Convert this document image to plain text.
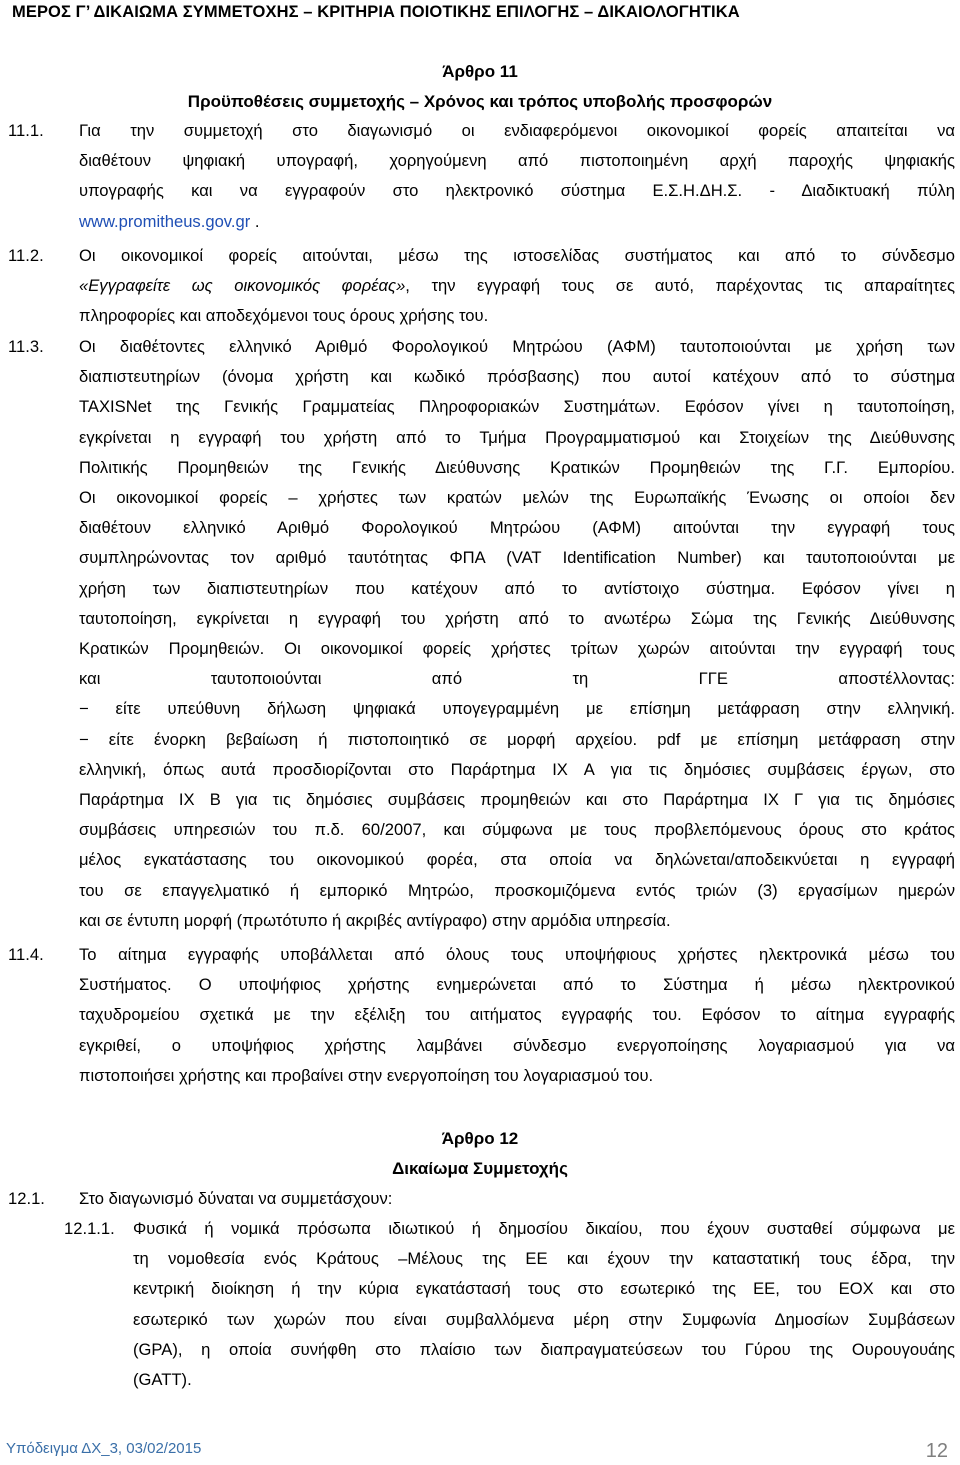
ΜΕΡΟΣ Γ’ ΔΙΚΑΙΩΜΑ ΣΥΜΜΕΤΟΧΗΣ – ΚΡΙΤΗΡΙΑ ΠΟΙΟΤΙΚΗΣ ΕΠΙΛΟΓΗΣ – ΔΙΚΑΙΟΛΟΓΗΤΙΚΑ
Άρθρο 11
Προϋποθέσεις συμμετοχής – Χρόνος και τρόπος υποβολής προσφορών
11.1. Για την συμμετοχή στο διαγωνισμό οι ενδιαφερόμενοι οικονομικοί φορείς απαιτείται να
διαθέτουν ψηφιακή υπογραφή, χορηγούμενη από πιστοποιημένη αρχή παροχής ψηφιακής
υπογραφής και να εγγραφούν στο ηλεκτρονικό σύστημα Ε.Σ.Η.ΔΗ.Σ. - Διαδικτυακή πύλη
www.promitheus.gov.gr .
11.2. Οι οικονομικοί φορείς αιτούνται, μέσω της ιστοσελίδας συστήματος και από το σύνδεσμο
«Εγγραφείτε ως οικονομικός φορέας», την εγγραφή τους σε αυτό, παρέχοντας τις απαραίτητες
πληροφορίες και αποδεχόμενοι τους όρους χρήσης του.
11.3. Οι διαθέτοντες ελληνικό Αριθμό Φορολογικού Μητρώου (ΑΦΜ) ταυτοποιούνται με χρήση των
διαπιστευτηρίων (όνομα χρήστη και κωδικό πρόσβασης) που αυτοί κατέχουν από το σύστημα
TAXISNet της Γενικής Γραμματείας Πληροφοριακών Συστημάτων. Εφόσον γίνει η ταυτοποίηση,
εγκρίνεται η εγγραφή του χρήστη από το Τμήμα Προγραμματισμού και Στοιχείων της Διεύθυνσης
Πολιτικής Προμηθειών της Γενικής Διεύθυνσης Κρατικών Προμηθειών της Γ.Γ. Εμπορίου.
Οι οικονομικοί φορείς – χρήστες των κρατών μελών της Ευρωπαϊκής Ένωσης οι οποίοι δεν
διαθέτουν ελληνικό Αριθμό Φορολογικού Μητρώου (ΑΦΜ) αιτούνται την εγγραφή τους
συμπληρώνοντας τον αριθμό ταυτότητας ΦΠΑ (VAT Identification Number) και ταυτοποιούνται με
χρήση των διαπιστευτηρίων που κατέχουν από το αντίστοιχο σύστημα. Εφόσον γίνει η
ταυτοποίηση, εγκρίνεται η εγγραφή του χρήστη από το ανωτέρω Σώμα της Γενικής Διεύθυνσης
Κρατικών Προμηθειών. Οι οικονομικοί φορείς χρήστες τρίτων χωρών αιτούνται την εγγραφή τους
και ταυτοποιούνται από τη ΓΓΕ αποστέλλοντας:
− είτε υπεύθυνη δήλωση ψηφιακά υπογεγραμμένη με επίσημη μετάφραση στην ελληνική.
− είτε ένορκη βεβαίωση ή πιστοποιητικό σε μορφή αρχείου. pdf με επίσημη μετάφραση στην
ελληνική, όπως αυτά προσδιορίζονται στο Παράρτημα ΙΧ Α για τις δημόσιες συμβάσεις έργων, στο
Παράρτημα ΙΧ Β για τις δημόσιες συμβάσεις προμηθειών και στο Παράρτημα ΙΧ Γ για τις δημόσιες
συμβάσεις υπηρεσιών του π.δ. 60/2007, και σύμφωνα με τους προβλεπόμενους όρους στο κράτος
μέλος εγκατάστασης του οικονομικού φορέα, στα οποία να δηλώνεται/αποδεικνύεται η εγγραφή
του σε επαγγελματικό ή εμπορικό Μητρώο, προσκομιζόμενα εντός τριών (3) εργασίμων ημερών
και σε έντυπη μορφή (πρωτότυπο ή ακριβές αντίγραφο) στην αρμόδια υπηρεσία.
11.4. Το αίτημα εγγραφής υποβάλλεται από όλους τους υποψήφιους χρήστες ηλεκτρονικά μέσω του
Συστήματος. Ο υποψήφιος χρήστης ενημερώνεται από το Σύστημα ή μέσω ηλεκτρονικού
ταχυδρομείου σχετικά με την εξέλιξη του αιτήματος εγγραφής του. Εφόσον το αίτημα εγγραφής
εγκριθεί, ο υποψήφιος χρήστης λαμβάνει σύνδεσμο ενεργοποίησης λογαριασμού για να
πιστοποιήσει χρήστης και προβαίνει στην ενεργοποίηση του λογαριασμού του.
Άρθρο 12
Δικαίωμα Συμμετοχής
12.1. Στο διαγωνισμό δύναται να συμμετάσχουν:
12.1.1. Φυσικά ή νομικά πρόσωπα ιδιωτικού ή δημοσίου δικαίου, που έχουν συσταθεί σύμφωνα με
τη νομοθεσία ενός Κράτους –Μέλους της ΕΕ και έχουν την καταστατική τους έδρα, την
κεντρική διοίκηση ή την κύρια εγκατάστασή τους στο εσωτερικό της ΕΕ, του ΕΟΧ και στο
εσωτερικό των χωρών που είναι συμβαλλόμενα μέρη στην Συμφωνία Δημοσίων Συμβάσεων
(GPA), η οποία συνήφθη στο πλαίσιο των διαπραγματεύσεων του Γύρου της Ουρουγουάης
(GATT).
Υπόδειγμα ΔΧ_3, 03/02/2015	12
